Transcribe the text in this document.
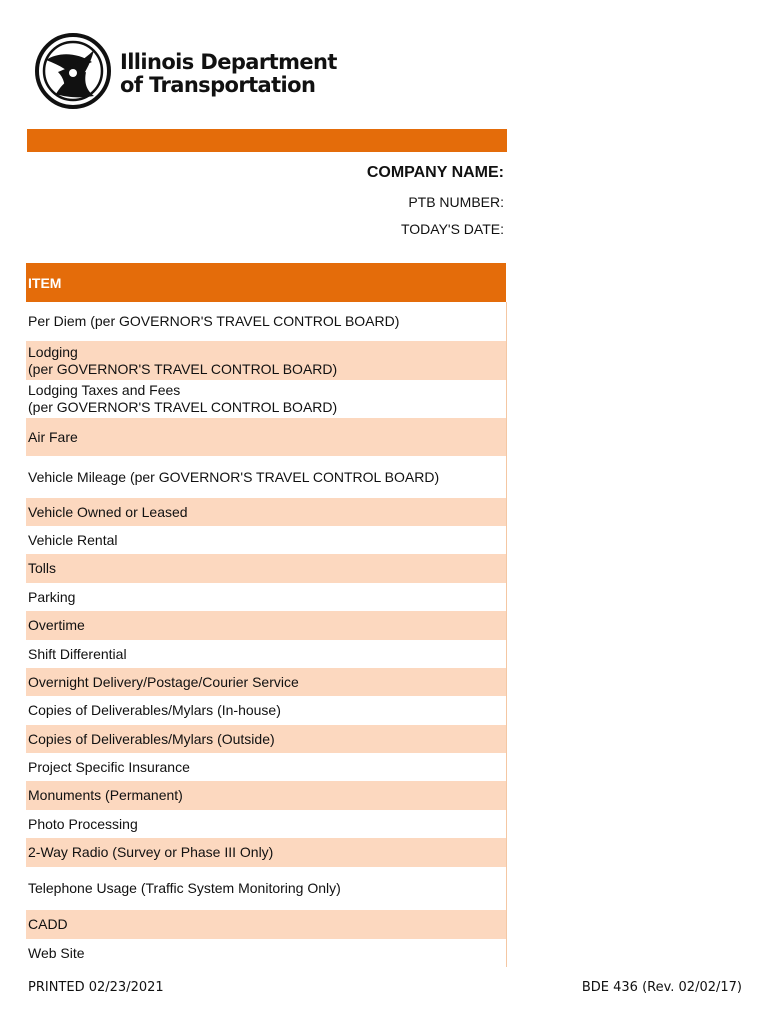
Illinois Department
of Transportation
COMPANY NAME:
PTB NUMBER:
TODAY'S DATE:
ITEM
Per Diem (per GOVERNOR'S TRAVEL CONTROL BOARD)
Lodging
(per GOVERNOR'S TRAVEL CONTROL BOARD)
Lodging Taxes and Fees
(per GOVERNOR'S TRAVEL CONTROL BOARD)
Air Fare
Vehicle Mileage (per GOVERNOR'S TRAVEL CONTROL BOARD)
Vehicle Owned or Leased
Vehicle Rental
Tolls
Parking
Overtime
Shift Differential
Overnight Delivery/Postage/Courier Service
Copies of Deliverables/Mylars (In-house)
Copies of Deliverables/Mylars (Outside)
Project Specific Insurance
Monuments (Permanent)
Photo Processing
2-Way Radio (Survey or Phase III Only)
Telephone Usage (Traffic System Monitoring Only)
CADD
Web Site
PRINTED 02/23/2021	BDE 436 (Rev. 02/02/17)
